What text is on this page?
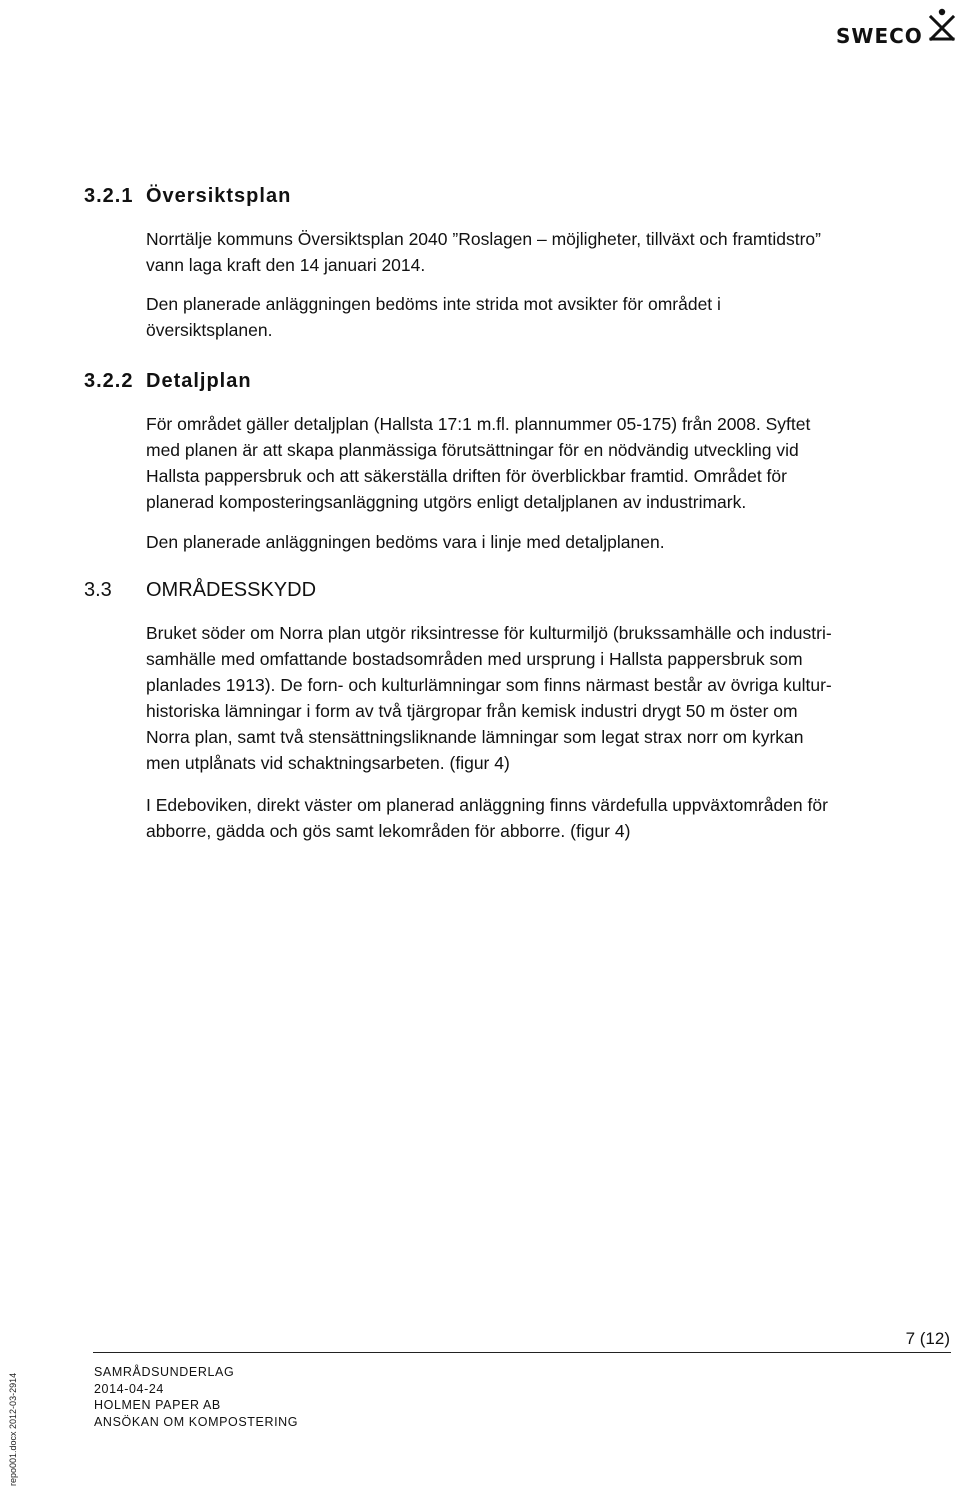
SWECO
3.2.1 Översiktsplan

Norrtälje kommuns Översiktsplan 2040 ”Roslagen – möjligheter, tillväxt och framtidstro”
vann laga kraft den 14 januari 2014.

Den planerade anläggningen bedöms inte strida mot avsikter för området i
översiktsplanen.

3.2.2 Detaljplan

För området gäller detaljplan (Hallsta 17:1 m.fl. plannummer 05-175) från 2008. Syftet
med planen är att skapa planmässiga förutsättningar för en nödvändig utveckling vid
Hallsta pappersbruk och att säkerställa driften för överblickbar framtid. Området för
planerad komposteringsanläggning utgörs enligt detaljplanen av industrimark.

Den planerade anläggningen bedöms vara i linje med detaljplanen.

3.3 OMRÅDESSKYDD

Bruket söder om Norra plan utgör riksintresse för kulturmiljö (brukssamhälle och industri-
samhälle med omfattande bostadsområden med ursprung i Hallsta pappersbruk som
planlades 1913). De forn- och kulturlämningar som finns närmast består av övriga kultur-
historiska lämningar i form av två tjärgropar från kemisk industri drygt 50 m öster om
Norra plan, samt två stensättningsliknande lämningar som legat strax norr om kyrkan
men utplånats vid schaktningsarbeten. (figur 4)

I Edeboviken, direkt väster om planerad anläggning finns värdefulla uppväxtområden för
abborre, gädda och gös samt lekområden för abborre. (figur 4)

7 (12)
SAMRÅDSUNDERLAG
2014-04-24
HOLMEN PAPER AB
ANSÖKAN OM KOMPOSTERING
repo001.docx 2012-03-2914
